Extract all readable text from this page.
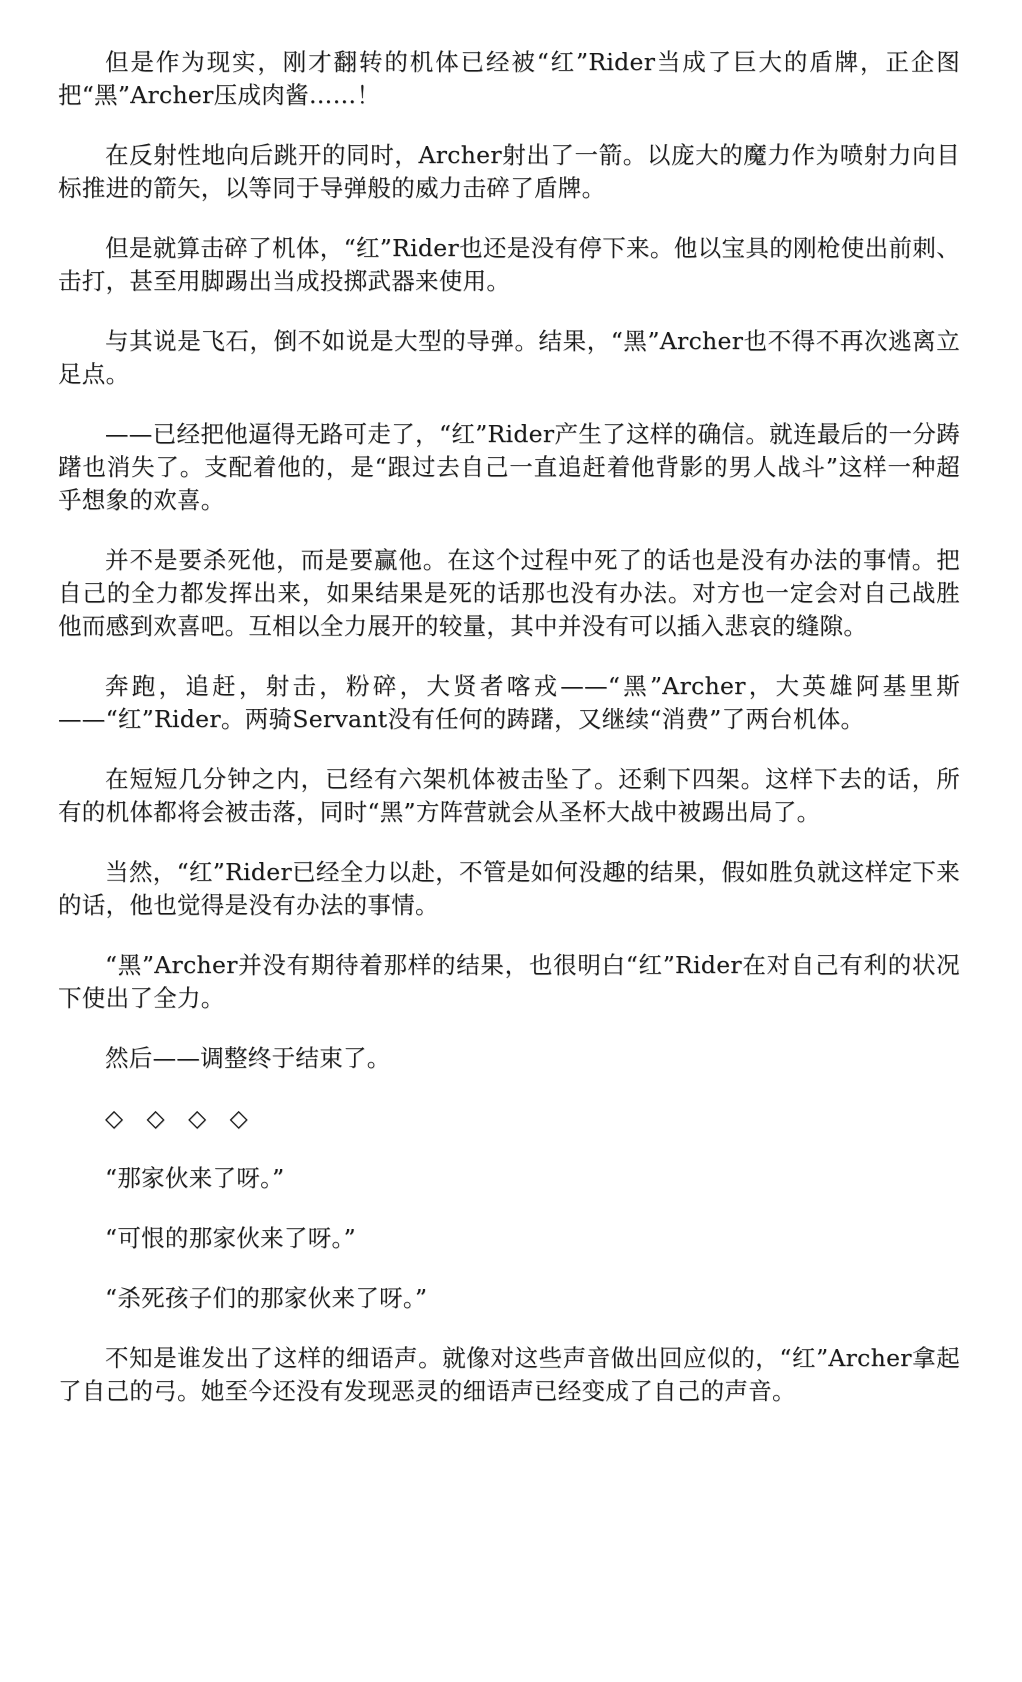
但是作为现实，刚才翻转的机体已经被“红”Rider当成了巨大的盾牌，正企图把“黑”Archer压成肉酱……！

在反射性地向后跳开的同时，Archer射出了一箭。以庞大的魔力作为喷射力向目标推进的箭矢，以等同于导弹般的威力击碎了盾牌。

但是就算击碎了机体，“红”Rider也还是没有停下来。他以宝具的刚枪使出前刺、击打，甚至用脚踢出当成投掷武器来使用。

与其说是飞石，倒不如说是大型的导弹。结果，“黑”Archer也不得不再次逃离立足点。

——已经把他逼得无路可走了，“红”Rider产生了这样的确信。就连最后的一分踌躇也消失了。支配着他的，是“跟过去自己一直追赶着他背影的男人战斗”这样一种超乎想象的欢喜。

并不是要杀死他，而是要赢他。在这个过程中死了的话也是没有办法的事情。把自己的全力都发挥出来，如果结果是死的话那也没有办法。对方也一定会对自己战胜他而感到欢喜吧。互相以全力展开的较量，其中并没有可以插入悲哀的缝隙。

奔跑，追赶，射击，粉碎，大贤者喀戎——“黑”Archer，大英雄阿基里斯——“红”Rider。两骑Servant没有任何的踌躇，又继续“消费”了两台机体。

在短短几分钟之内，已经有六架机体被击坠了。还剩下四架。这样下去的话，所有的机体都将会被击落，同时“黑”方阵营就会从圣杯大战中被踢出局了。

当然，“红”Rider已经全力以赴，不管是如何没趣的结果，假如胜负就这样定下来的话，他也觉得是没有办法的事情。

“黑”Archer并没有期待着那样的结果，也很明白“红”Rider在对自己有利的状况下使出了全力。

然后——调整终于结束了。

◇ ◇ ◇ ◇

“那家伙来了呀。”

“可恨的那家伙来了呀。”

“杀死孩子们的那家伙来了呀。”

不知是谁发出了这样的细语声。就像对这些声音做出回应似的，“红”Archer拿起了自己的弓。她至今还没有发现恶灵的细语声已经变成了自己的声音。
